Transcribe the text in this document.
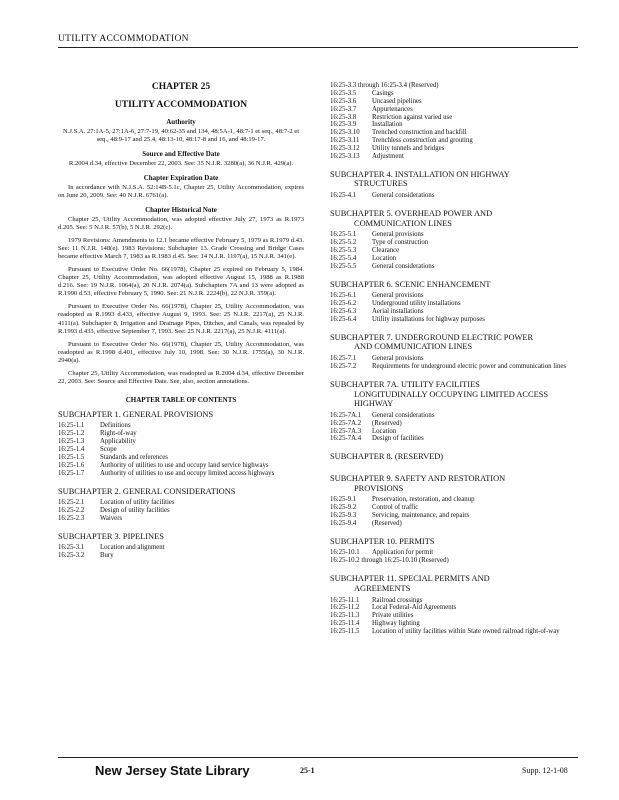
UTILITY ACCOMMODATION
CHAPTER 25
UTILITY ACCOMMODATION
Authority
N.J.S.A. 27:1A-5, 27:1A-6, 27:7-19, 40:62-35 and 134, 48:5A-1, 48:7-1 et seq., 48:7-2 et seq., 48:9-17 and 25.4, 48:13-10, 48:17-8 and 16, and 48:19-17.
Source and Effective Date
R.2004 d.34, effective December 22, 2003. See: 35 N.J.R. 3280(a), 36 N.J.R. 429(a).
Chapter Expiration Date
In accordance with N.J.S.A. 52:14B-5.1c, Chapter 25, Utility Accommodation, expires on June 20, 2009. See: 40 N.J.R. 6761(a).
Chapter Historical Note
Chapter 25, Utility Accommodation, was adopted effective July 27, 1973 as R.1973 d.205. See: 5 N.J.R. 57(b), 5 N.J.R. 292(c).
1979 Revisions: Amendments to 12.1 became effective February 5, 1979 as R.1979 d.43. See: 11 N.J.R. 148(e). 1983 Revisions: Subchapter 13. Grade Crossing and Bridge Cases became effective March 7, 1983 as R.1983 d.45. See: 14 N.J.R. 1197(a), 15 N.J.R. 341(e).
Pursuant to Executive Order No. 66(1978), Chapter 25 expired on February 5, 1984. Chapter 25, Utility Accommodation, was adopted effective August 15, 1988 as R.1988 d.216. See: 19 N.J.R. 1064(a), 20 N.J.R. 2074(a). Subchapters 7A and 13 were adopted as R.1990 d.53, effective February 5, 1990. See: 21 N.J.R. 2224(b), 22 N.J.R. 359(a).
Pursuant to Executive Order No. 66(1978), Chapter 25, Utility Accommodation, was readopted as R.1993 d.433, effective August 9, 1993. See: 25 N.J.R. 2217(a), 25 N.J.R. 4111(a). Subchapter 8, Irrigation and Drainage Pipes, Ditches, and Canals, was repealed by R.1993 d.433, effective September 7, 1993. See: 25 N.J.R. 2217(a), 25 N.J.R. 4111(a).
Pursuant to Executive Order No. 66(1978), Chapter 25, Utility Accommodation, was readopted as R.1998 d.401, effective July 10, 1998. See: 30 N.J.R. 1755(a), 30 N.J.R. 2940(a).
Chapter 25, Utility Accommodation, was readopted as R.2004 d.34, effective December 22, 2003. See: Source and Effective Date. See, also, section annotations.
CHAPTER TABLE OF CONTENTS
SUBCHAPTER 1. GENERAL PROVISIONS
16:25-1.1	Definitions
16:25-1.2	Right-of-way
16:25-1.3	Applicability
16:25-1.4	Scope
16:25-1.5	Standards and references
16:25-1.6	Authority of utilities to use and occupy land service highways
16:25-1.7	Authority of utilities to use and occupy limited access highways
SUBCHAPTER 2. GENERAL CONSIDERATIONS
16:25-2.1	Location of utility facilities
16:25-2.2	Design of utility facilities
16:25-2.3	Waivers
SUBCHAPTER 3. PIPELINES
16:25-3.1	Location and alignment
16:25-3.2	Bury
16:25-3.3 through 16:25-3.4 (Reserved)
16:25-3.5	Casings
16:25-3.6	Uncased pipelines
16:25-3.7	Appurtenances
16:25-3.8	Restriction against varied use
16:25-3.9	Installation
16:25-3.10	Trenched construction and backfill
16:25-3.11	Trenchless construction and grouting
16:25-3.12	Utility tunnels and bridges
16:25-3.13	Adjustment
SUBCHAPTER 4. INSTALLATION ON HIGHWAY
STRUCTURES
16:25-4.1	General considerations
SUBCHAPTER 5. OVERHEAD POWER AND
COMMUNICATION LINES
16:25-5.1	General provisions
16:25-5.2	Type of construction
16:25-5.3	Clearance
16:25-5.4	Location
16:25-5.5	General considerations
SUBCHAPTER 6. SCENIC ENHANCEMENT
16:25-6.1	General provisions
16:25-6.2	Underground utility installations
16:25-6.3	Aerial installations
16:25-6.4	Utility installations for highway purposes
SUBCHAPTER 7. UNDERGROUND ELECTRIC POWER
AND COMMUNICATION LINES
16:25-7.1	General provisions
16:25-7.2	Requirements for underground electric power and communication lines
SUBCHAPTER 7A. UTILITY FACILITIES
LONGITUDINALLY OCCUPYING LIMITED ACCESS
HIGHWAY
16:25-7A.1	General considerations
16:25-7A.2	(Reserved)
16:25-7A.3	Location
16:25-7A.4	Design of facilities
SUBCHAPTER 8. (RESERVED)
SUBCHAPTER 9. SAFETY AND RESTORATION
PROVISIONS
16:25-9.1	Preservation, restoration, and cleanup
16:25-9.2	Control of traffic
16:25-9.3	Servicing, maintenance, and repairs
16:25-9.4	(Reserved)
SUBCHAPTER 10. PERMITS
16:25-10.1	Application for permit
16:25-10.2 through 16:25-10.10 (Reserved)
SUBCHAPTER 11. SPECIAL PERMITS AND
AGREEMENTS
16:25-11.1	Railroad crossings
16:25-11.2	Local Federal-Aid Agreements
16:25-11.3	Private utilities
16:25-11.4	Highway lighting
16:25-11.5	Location of utility facilities within State owned railroad right-of-way
New Jersey State Library	25-1	Supp. 12-1-08
